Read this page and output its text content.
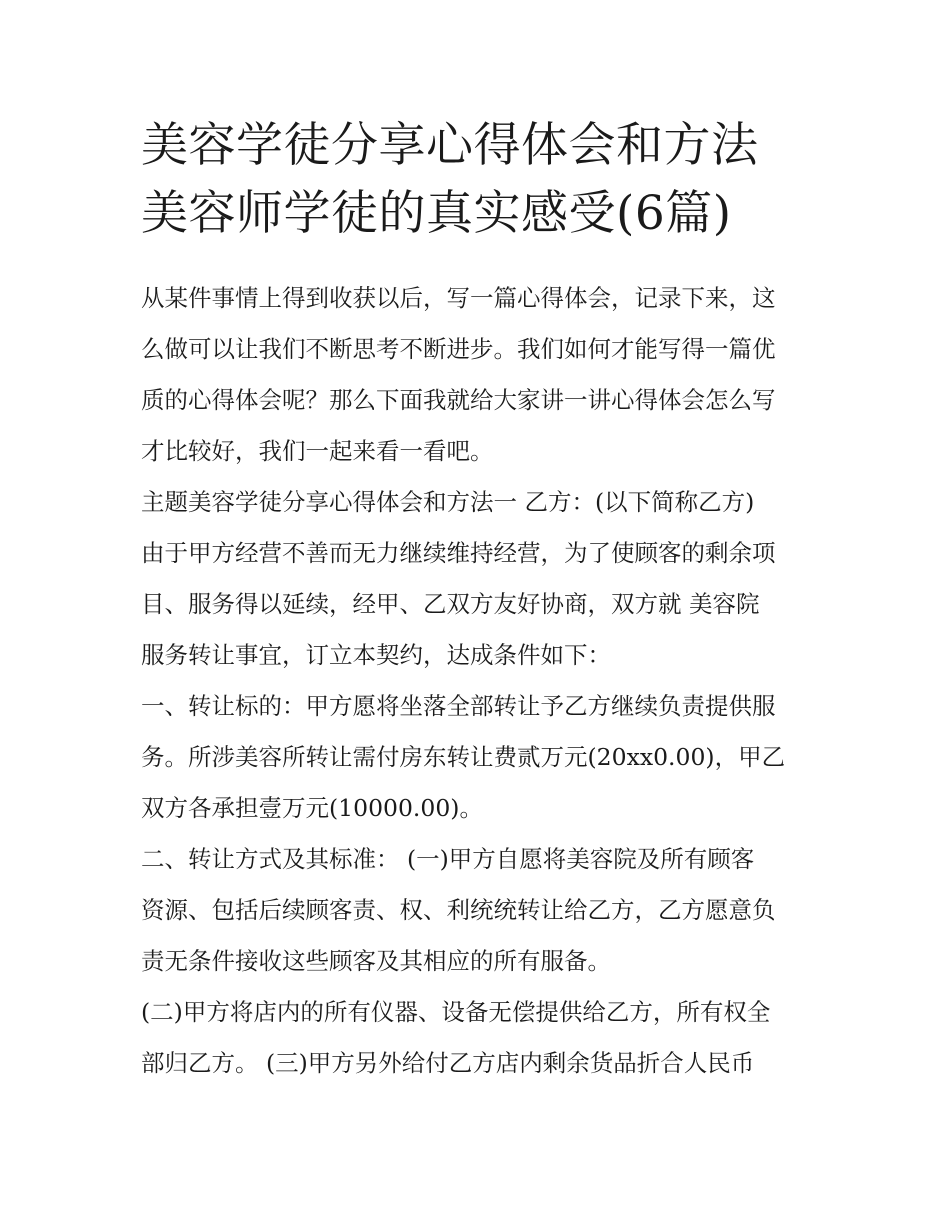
美容学徒分享心得体会和方法
美容师学徒的真实感受(6篇)

从某件事情上得到收获以后，写一篇心得体会，记录下来，这
么做可以让我们不断思考不断进步。我们如何才能写得一篇优
质的心得体会呢？那么下面我就给大家讲一讲心得体会怎么写
才比较好，我们一起来看一看吧。

主题美容学徒分享心得体会和方法一 乙方：(以下简称乙方)
由于甲方经营不善而无力继续维持经营，为了使顾客的剩余项
目、服务得以延续，经甲、乙双方友好协商，双方就 美容院
服务转让事宜，订立本契约，达成条件如下：

一、转让标的：甲方愿将坐落全部转让予乙方继续负责提供服
务。所涉美容所转让需付房东转让费贰万元(20xx0.00)，甲乙
双方各承担壹万元(10000.00)。

二、转让方式及其标准： (一)甲方自愿将美容院及所有顾客
资源、包括后续顾客责、权、利统统转让给乙方，乙方愿意负
责无条件接收这些顾客及其相应的所有服备。

(二)甲方将店内的所有仪器、设备无偿提供给乙方，所有权全
部归乙方。 (三)甲方另外给付乙方店内剩余货品折合人民币
